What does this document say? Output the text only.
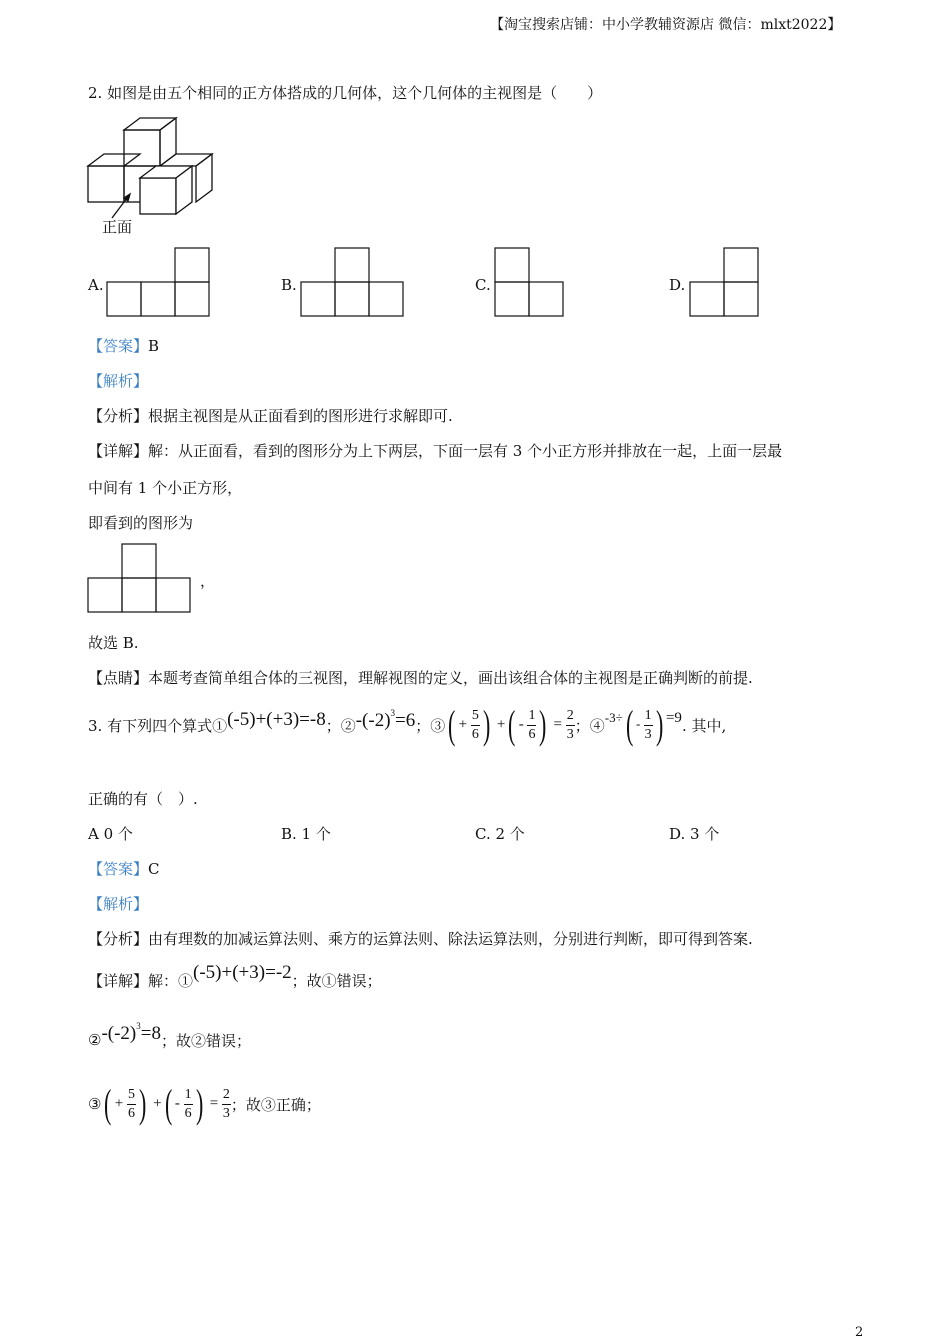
【淘宝搜索店铺：中小学教辅资源店 微信：mlxt2022】
2. 如图是由五个相同的正方体搭成的几何体，这个几何体的主视图是（　　）
正面
A.	B.	C.	D.
【答案】B
【解析】
【分析】根据主视图是从正面看到的图形进行求解即可.
【详解】解：从正面看，看到的图形分为上下两层，下面一层有 3 个小正方形并排放在一起，上面一层最
中间有 1 个小正方形，
即看到的图形为
，
故选 B.
【点睛】本题考查简单组合体的三视图，理解视图的定义，画出该组合体的主视图是正确判断的前提.
3. 有下列四个算式① (-5)+(+3)=-8 ；② $-(-2)^3=6$ ；③ ( + $\frac{5}{6}$ ) +( - $\frac{1}{6}$ ) = $\frac{2}{3}$ ；④ $-3\div( - \frac{1}{3}$ ) =9 . 其中,
正确的有（　）.
A 0 个	B. 1 个	C. 2 个	D. 3 个
【答案】C
【解析】
【分析】由有理数的加减运算法则、乘方的运算法则、除法运算法则，分别进行判断，即可得到答案.
【详解】 解：① (-5)+(+3)=-2 ；故①错误；
② $-(-2)^3=8$ ；故②错误；
③ ( + $\frac{5}{6}$ ) +( - $\frac{1}{6}$ ) = $\frac{2}{3}$ ；故③正确；
2
